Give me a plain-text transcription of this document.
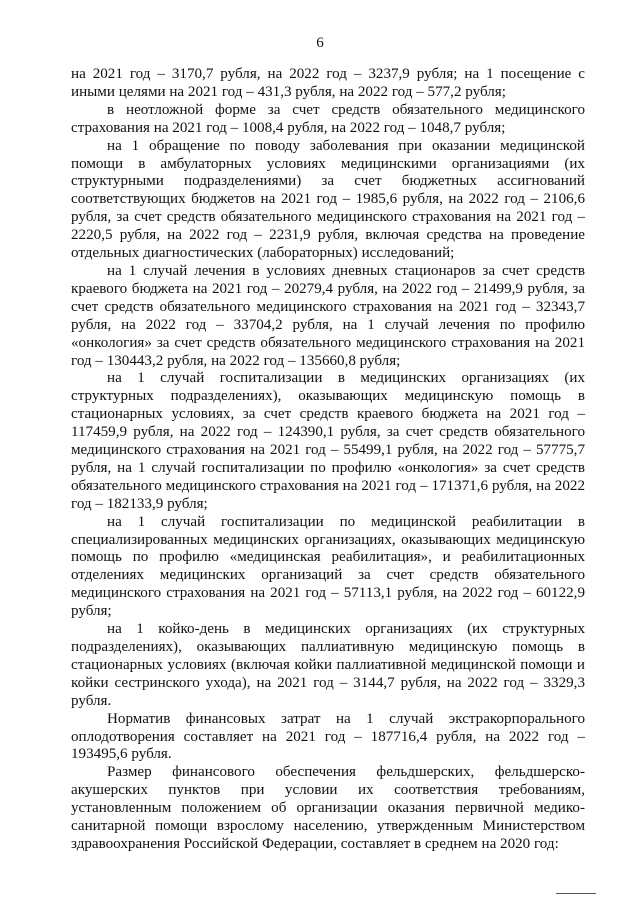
6

на 2021 год – 3170,7 рубля, на 2022 год – 3237,9 рубля; на 1 посещение с иными целями на 2021 год – 431,3 рубля, на 2022 год – 577,2 рубля;

в неотложной форме за счет средств обязательного медицинского страхования на 2021 год – 1008,4 рубля, на 2022 год – 1048,7 рубля;

на 1 обращение по поводу заболевания при оказании медицинской помощи в амбулаторных условиях медицинскими организациями (их структурными подразделениями) за счет бюджетных ассигнований соответствующих бюджетов на 2021 год – 1985,6 рубля, на 2022 год – 2106,6 рубля, за счет средств обязательного медицинского страхования на 2021 год – 2220,5 рубля, на 2022 год – 2231,9 рубля, включая средства на проведение отдельных диагностических (лабораторных) исследований;

на 1 случай лечения в условиях дневных стационаров за счет средств краевого бюджета на 2021 год – 20279,4 рубля, на 2022 год – 21499,9 рубля, за счет средств обязательного медицинского страхования на 2021 год – 32343,7 рубля, на 2022 год – 33704,2 рубля, на 1 случай лечения по профилю «онкология» за счет средств обязательного медицинского страхования на 2021 год – 130443,2 рубля, на 2022 год – 135660,8 рубля;

на 1 случай госпитализации в медицинских организациях (их структурных подразделениях), оказывающих медицинскую помощь в стационарных условиях, за счет средств краевого бюджета на 2021 год – 117459,9 рубля, на 2022 год – 124390,1 рубля, за счет средств обязательного медицинского страхования на 2021 год – 55499,1 рубля, на 2022 год – 57775,7 рубля, на 1 случай госпитализации по профилю «онкология» за счет средств обязательного медицинского страхования на 2021 год – 171371,6 рубля, на 2022 год – 182133,9 рубля;

на 1 случай госпитализации по медицинской реабилитации в специализированных медицинских организациях, оказывающих медицинскую помощь по профилю «медицинская реабилитация», и реабилитационных отделениях медицинских организаций за счет средств обязательного медицинского страхования на 2021 год – 57113,1 рубля, на 2022 год – 60122,9 рубля;

на 1 койко-день в медицинских организациях (их структурных подразделениях), оказывающих паллиативную медицинскую помощь в стационарных условиях (включая койки паллиативной медицинской помощи и койки сестринского ухода), на 2021 год – 3144,7 рубля, на 2022 год – 3329,3 рубля.

Норматив финансовых затрат на 1 случай экстракорпорального оплодотворения составляет на 2021 год – 187716,4 рубля, на 2022 год – 193495,6 рубля.

Размер финансового обеспечения фельдшерских, фельдшерско-акушерских пунктов при условии их соответствия требованиям, установленным положением об организации оказания первичной медико-санитарной помощи взрослому населению, утвержденным Министерством здравоохранения Российской Федерации, составляет в среднем на 2020 год:
